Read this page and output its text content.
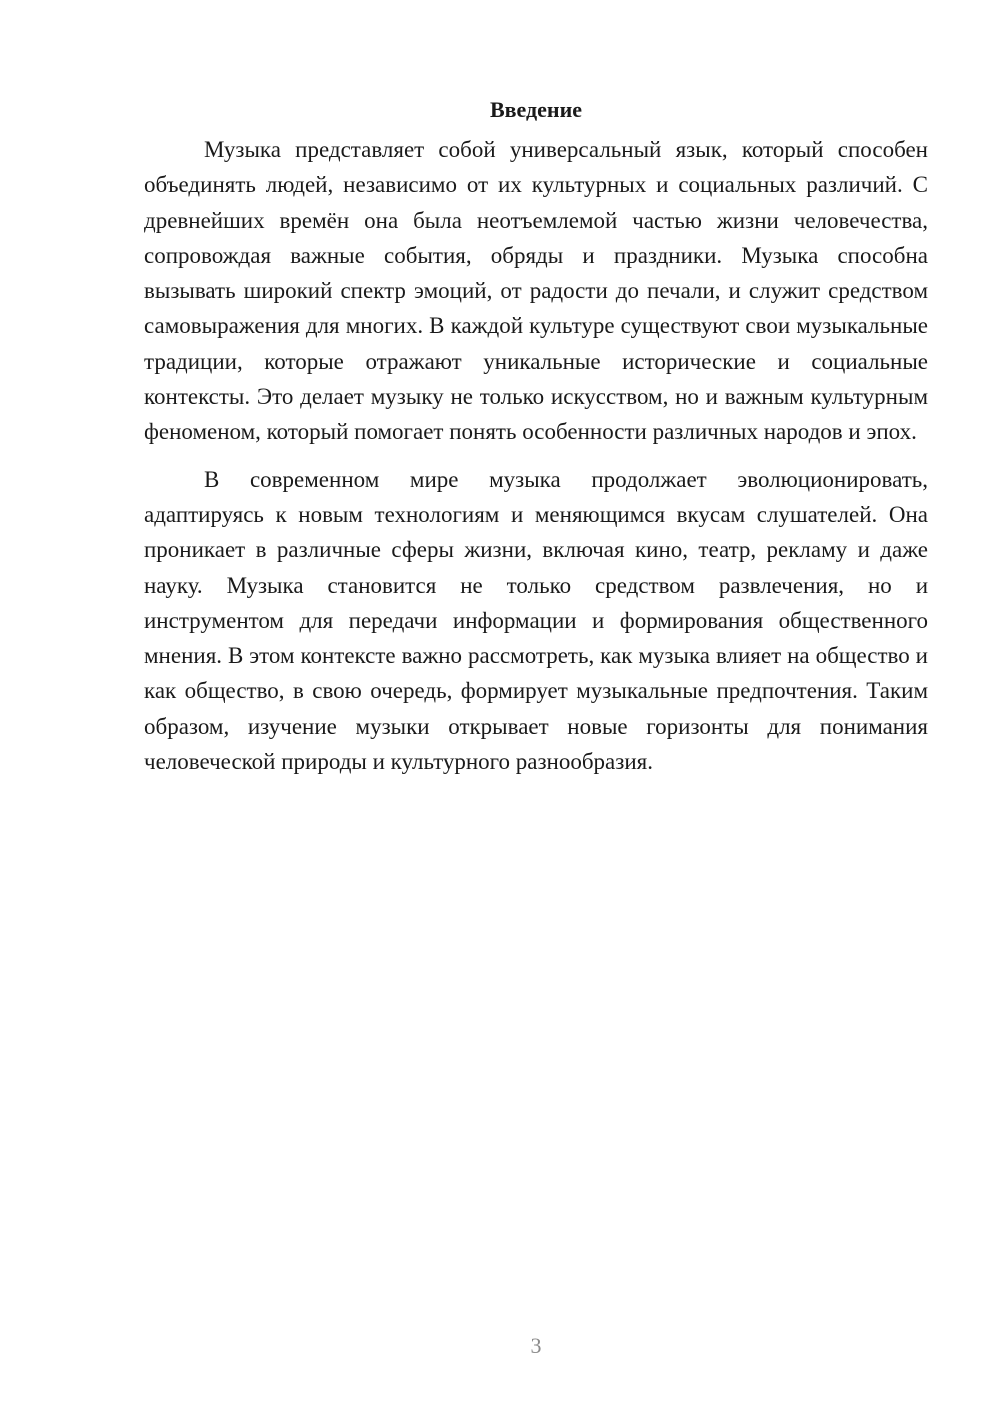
Введение

Музыка представляет собой универсальный язык, который способен объединять людей, независимо от их культурных и социальных различий. С древнейших времён она была неотъемлемой частью жизни человечества, сопровождая важные события, обряды и праздники. Музыка способна вызывать широкий спектр эмоций, от радости до печали, и служит средством самовыражения для многих. В каждой культуре существуют свои музыкальные традиции, которые отражают уникальные исторические и социальные контексты. Это делает музыку не только искусством, но и важным культурным феноменом, который помогает понять особенности различных народов и эпох.

В современном мире музыка продолжает эволюционировать, адаптируясь к новым технологиям и меняющимся вкусам слушателей. Она проникает в различные сферы жизни, включая кино, театр, рекламу и даже науку. Музыка становится не только средством развлечения, но и инструментом для передачи информации и формирования общественного мнения. В этом контексте важно рассмотреть, как музыка влияет на общество и как общество, в свою очередь, формирует музыкальные предпочтения. Таким образом, изучение музыки открывает новые горизонты для понимания человеческой природы и культурного разнообразия.

3
